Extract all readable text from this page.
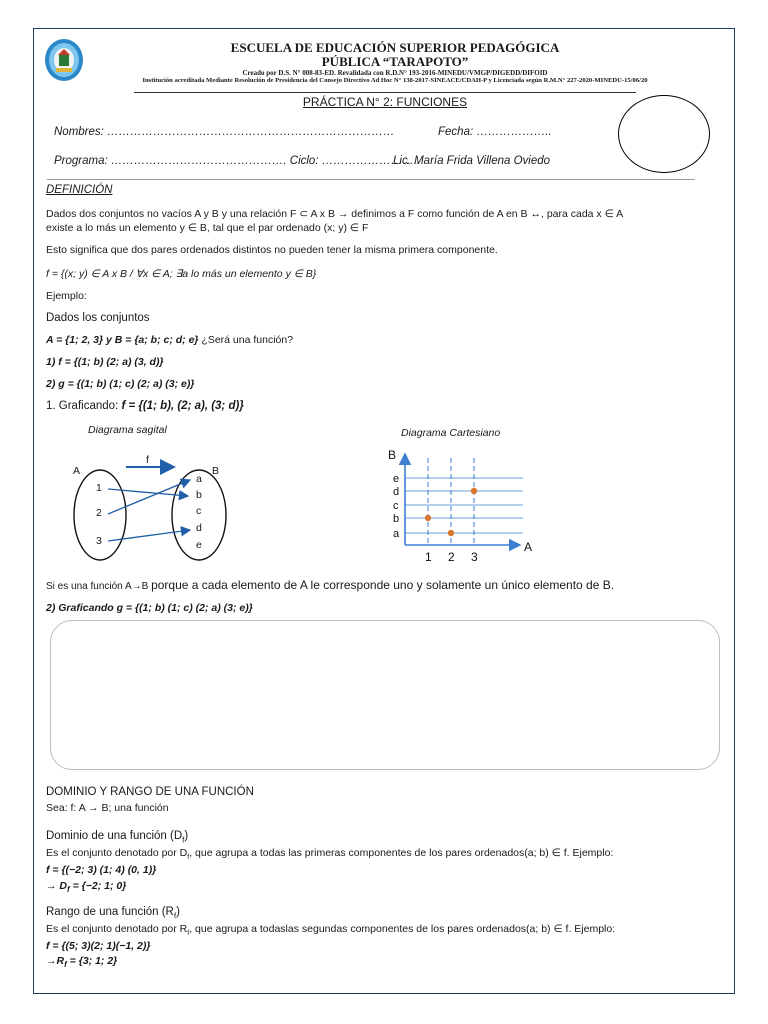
ESCUELA DE EDUCACIÓN SUPERIOR PEDAGÓGICA
PÚBLICA “TARAPOTO”
Creado por D.S. N° 008-83-ED. Revalidada con R.D.N° 193-2016-MINEDU/VMGP/DIGEDD/DIFOID
Institución acreditada Mediante Resolución de Presidencia del Consejo Directivo Ad Hoc N° 138-2017-SINEACE/CDAH-P y Licenciada según R.M.N° 227-2020-MINEDU-15/06/20
PRÁCTICA N° 2: FUNCIONES
Nombres: …………………………………………………………………	Fecha: ………………..
Programa: ………………………………………. Ciclo: ……………………..
Lic. María Frida Villena Oviedo
DEFINICIÓN
Dados dos conjuntos no vacíos A y B y una relación F ⊂ A x B → definimos a F como función de A en B ↔, para cada x ∈ A
existe a lo más un elemento y ∈ B, tal que el par ordenado (x; y) ∈ F
Esto significa que dos pares ordenados distintos no pueden tener la misma primera componente.
f = {(x; y) ∈ A x B / ∀x ∈ A; ∃a lo más un elemento y ∈ B}
Ejemplo:
Dados los conjuntos
A = {1; 2, 3} y B = {a; b; c; d; e} ¿Será una función?
1) f = {(1; b) (2; a) (3, d)}
2) g = {(1; b) (1; c) (2; a) (3; e)}
1. Graficando: f = {(1; b), (2; a), (3; d)}
Diagrama sagital
A	B
f
1
2
3
a
b
c
d
e
Diagrama Cartesiano
1 2 3
a
b
c
d
e
B
A
Si es una función A→B porque a cada elemento de A le corresponde uno y solamente un único elemento de B.
2) Graficando g = {(1; b) (1; c) (2; a) (3; e)}
DOMINIO Y RANGO DE UNA FUNCIÓN
Sea: f: A → B; una función
Dominio de una función $(D_f)$
Es el conjunto denotado por $D_f$, que agrupa a todas las primeras componentes de los pares ordenados(a; b) ∈ f. Ejemplo:
f = {(−2; 3) (1; 4) (0, 1)}
→ $D_f = \{-2$; 1; 0}
Rango de una función $(R_f)$
Es el conjunto denotado por $R_f$, que agrupa a todaslas segundas componentes de los pares ordenados(a; b) ∈ f. Ejemplo:
f = {(5; 3)(2; 1)(−1, 2)}
$\to R_f = \{3$; 1; 2}
